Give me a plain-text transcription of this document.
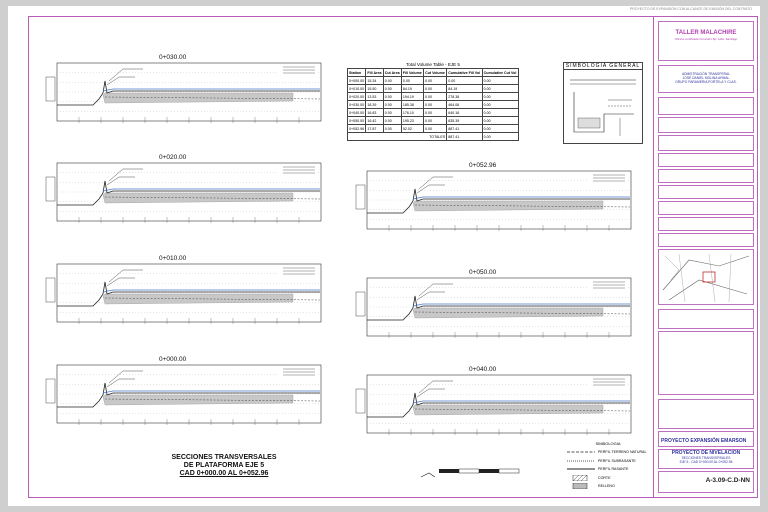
PROYECTO DE EXPANSION CON ALCANCE DE EMISIÓN DEL CONTRATO
0+030.00
0+020.00
0+010.00
0+000.00
0+052.96
0+050.00
0+040.00
Total Volume Table - EJE 5
Station	Fill Area	Cut Area	Fill Volume	Cut Volume	Cumulative Fill Vol	Cumulative Cut Vol
0+000.00	15.34	0.00	0.00	0.00	0.00	0.00
0+010.00	15.50	0.00	84.19	0.00	84.19	0.00
0+020.00	13.53	0.00	194.19	0.00	278.38	0.00
0+030.00	18.39	0.00	185.38	0.00	464.06	0.00
0+040.00	16.83	0.00	176.10	0.00	640.16	0.00
0+050.00	16.42	0.00	195.23	0.00	835.39	0.00
0+052.96	17.87	0.00	52.02	0.00	887.41	0.00
TOTALES					887.41	0.00
SIMBOLOGIA GENERAL
SECCIONES TRANSVERSALES
DE PLATAFORMA EJE 5
CAD 0+000.00 AL 0+052.96
SIMBOLOGIA
PERFIL TERRENO NATURAL
PERFIL SUBRASANTE
PERFIL RASANTE
CORTE
RELLENO
TALLER MALACHIRE
Oficina certificada Comisión Sp. Ltda. Santiago
ADMISTRACIÓN TRANSPERAL
JOSÉ DANIEL MOLINA ARMAL
GRUPO PARAMERIA PORTELA Y CLAS.
PROYECTO EXPANSIÓN EMARSON
PROYECTO DE NIVELACIÓN
SECCIONES TRANSVERSALES
EJE 5 - CAD 0+000.00 AL 0+052.96
A-3.09-C.D-NN
